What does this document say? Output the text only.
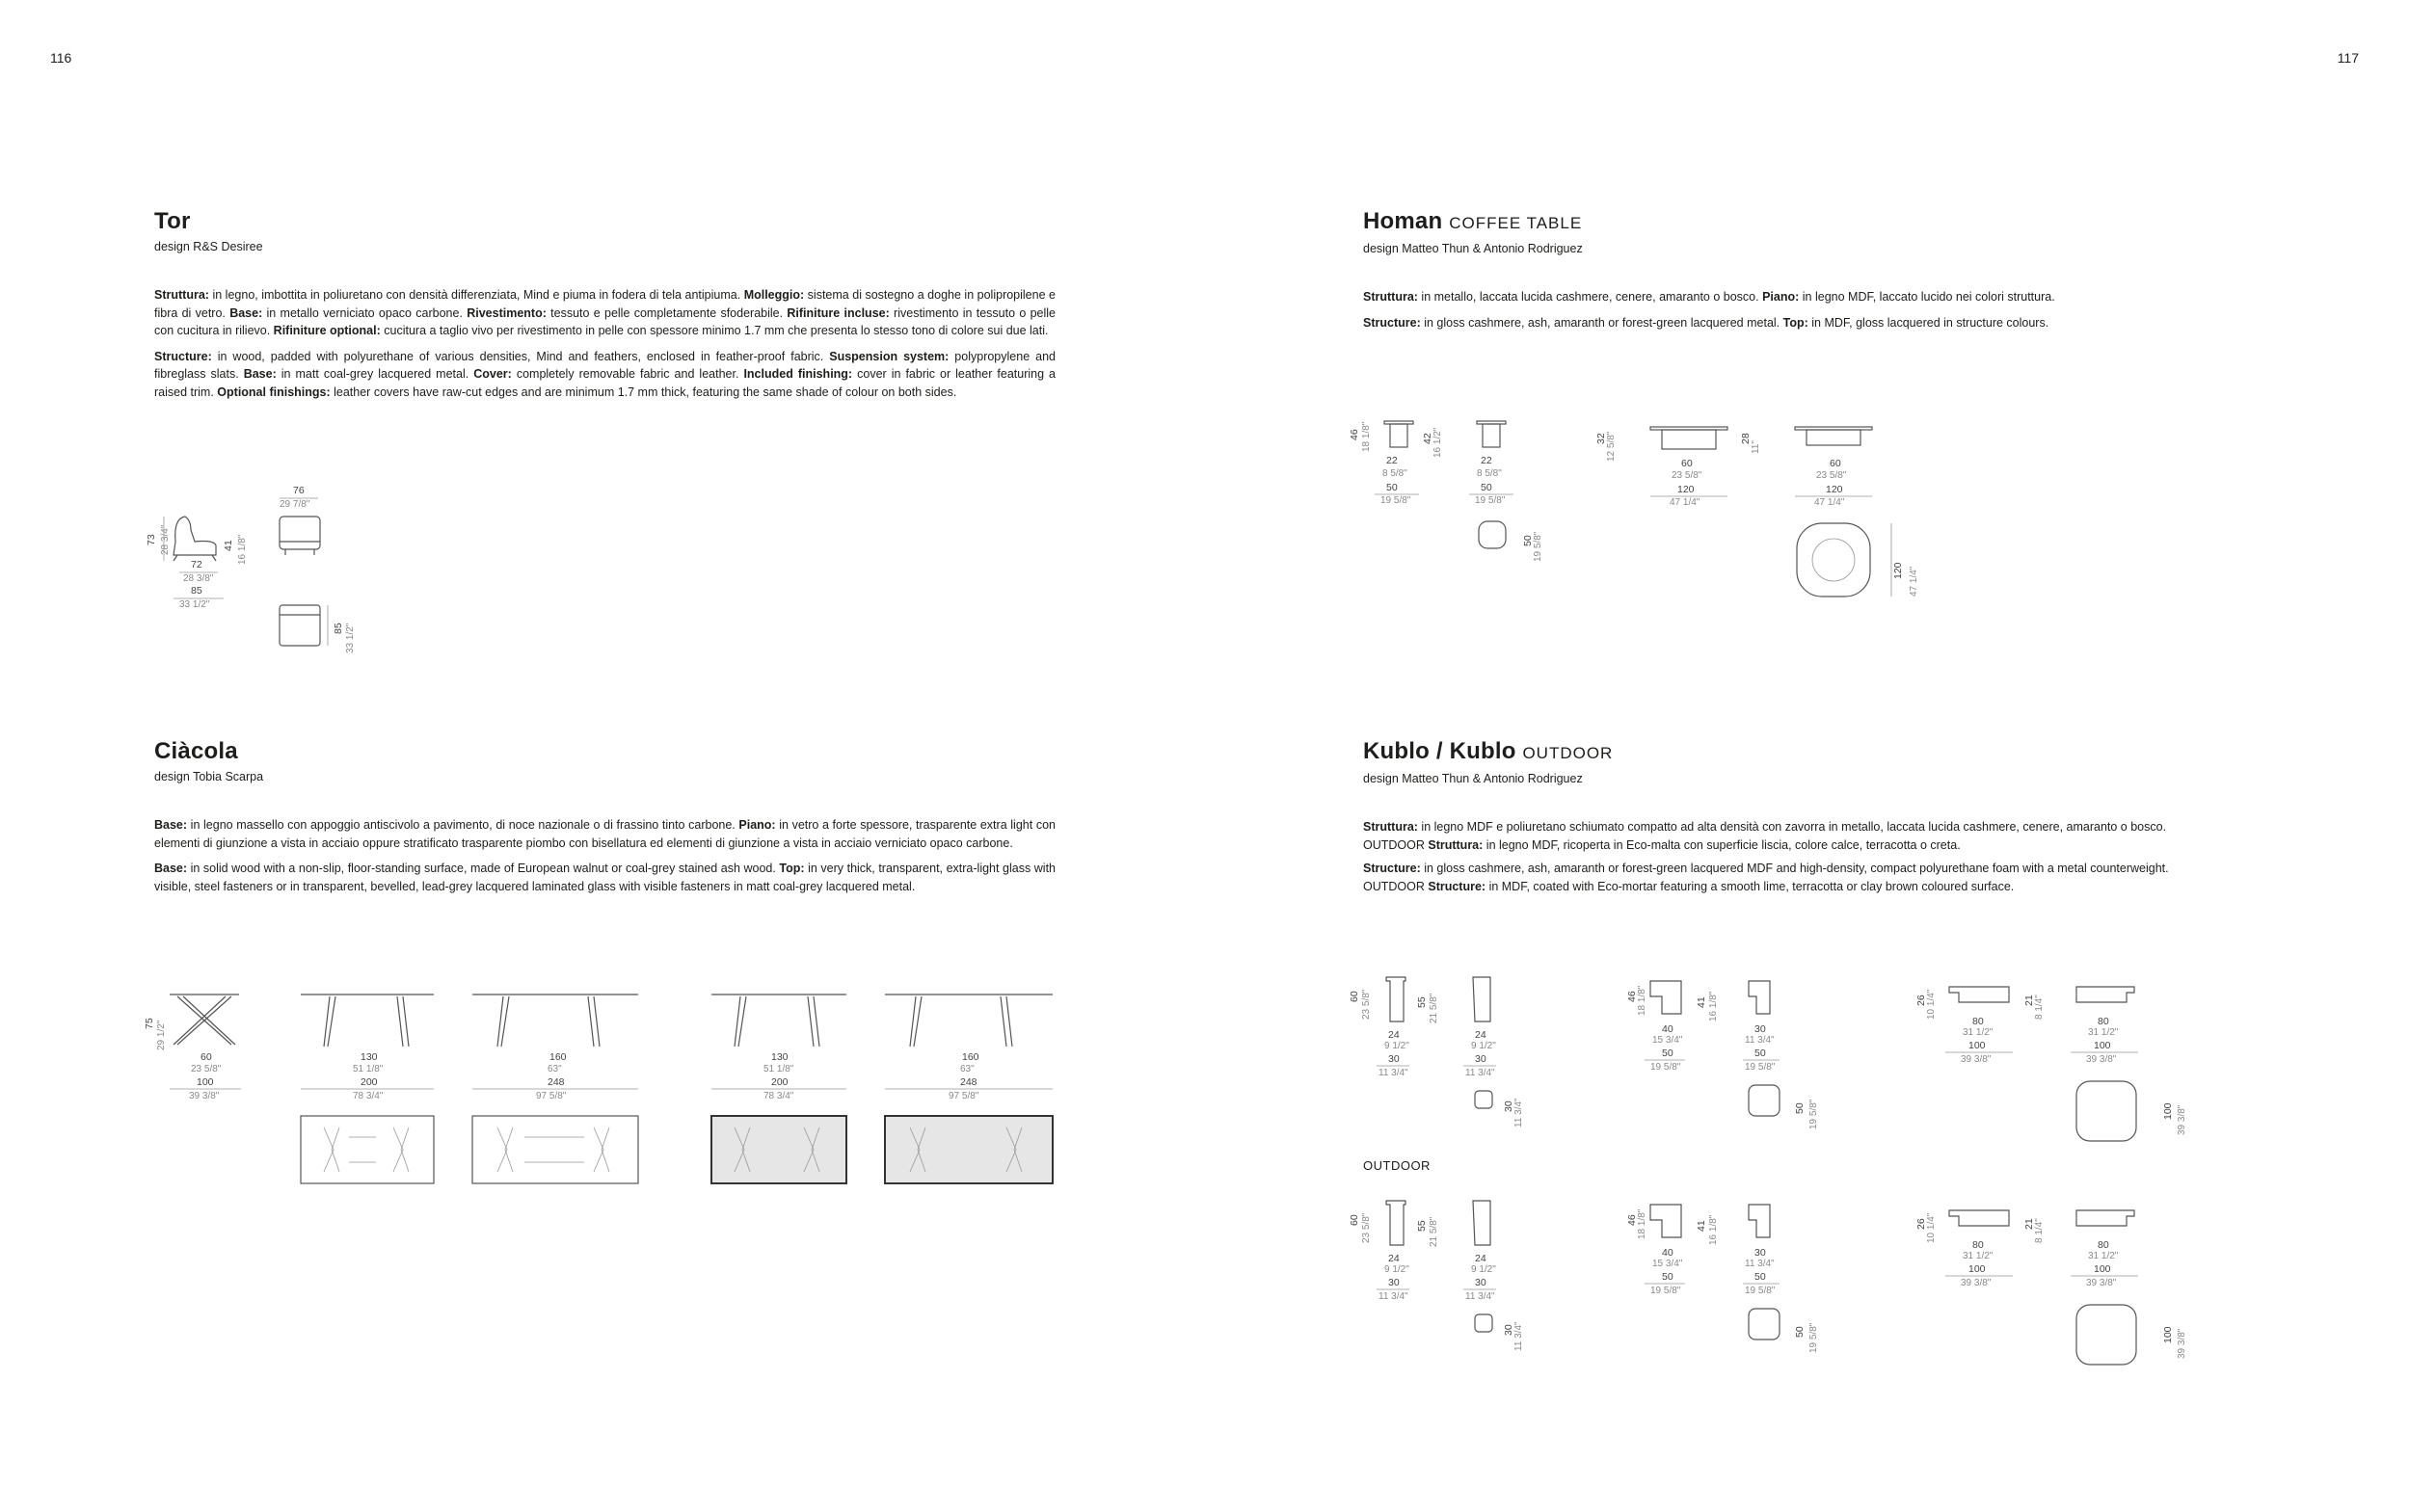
116	117
Tor
design R&S Desiree

Struttura: in legno, imbottita in poliuretano con densità differenziata, Mind e piuma in fodera di tela antipiuma. Molleggio: sistema di sostegno a doghe in polipropilene e fibra di vetro. Base: in metallo verniciato opaco carbone. Rivestimento: tessuto e pelle completamente sfoderabile. Rifiniture incluse: rivestimento in tessuto o pelle con cucitura in rilievo. Rifiniture optional: cucitura a taglio vivo per rivestimento in pelle con spessore minimo 1.7 mm che presenta lo stesso tono di colore sui due lati.

Structure: in wood, padded with polyurethane of various densities, Mind and feathers, enclosed in feather-proof fabric. Suspension system: polypropylene and fibreglass slats. Base: in matt coal-grey lacquered metal. Cover: completely removable fabric and leather. Included finishing: cover in fabric or leather featuring a raised trim. Optional finishings: leather covers have raw-cut edges and are minimum 1.7 mm thick, featuring the same shade of colour on both sides.

73 28 3/4"	41 16 1/8"
72
28 3/8"
85
33 1/2"
76
29 7/8"
85 33 1/2"
Homan COFFEE TABLE
design Matteo Thun & Antonio Rodriguez

Struttura: in metallo, laccata lucida cashmere, cenere, amaranto o bosco. Piano: in legno MDF, laccato lucido nei colori struttura.

Structure: in gloss cashmere, ash, amaranth or forest-green lacquered metal. Top: in MDF, gloss lacquered in structure colours.

46 18 1/8"
22
8 5/8"
50
19 5/8"
42 16 1/2"
22
8 5/8"
50
19 5/8"
50 19 5/8"
32 12 5/8"	28
11"
60
23 5/8"
120
47 1/4"
60
23 5/8"
120
47 1/4"
120 47 1/4"
Ciàcola
design Tobia Scarpa

Base: in legno massello con appoggio antiscivolo a pavimento, di noce nazionale o di frassino tinto carbone. Piano: in vetro a forte spessore, trasparente extra light con elementi di giunzione a vista in acciaio oppure stratificato trasparente piombo con bisellatura ed elementi di giunzione a vista in acciaio verniciato opaco carbone.

Base: in solid wood with a non-slip, floor-standing surface, made of European walnut or coal-grey stained ash wood. Top: in very thick, transparent, extra-light glass with visible, steel fasteners or in transparent, bevelled, lead-grey lacquered laminated glass with visible fasteners in matt coal-grey lacquered metal.

75 29 1/2"
60
23 5/8"
100
39 3/8"
130
51 1/8"
200
78 3/4"
160
63"
248
97 5/8"
130
51 1/8"
200
78 3/4"
160
63"
248
97 5/8"
Kublo / Kublo OUTDOOR
design Matteo Thun & Antonio Rodriguez

Struttura: in legno MDF e poliuretano schiumato compatto ad alta densità con zavorra in metallo, laccata lucida cashmere, cenere, amaranto o bosco.

OUTDOOR Struttura: in legno MDF, ricoperta in Eco-malta con superficie liscia, colore calce, terracotta o creta.

Structure: in gloss cashmere, ash, amaranth or forest-green lacquered MDF and high-density, compact polyurethane foam with a metal counterweight.

OUTDOOR Structure: in MDF, coated with Eco-mortar featuring a smooth lime, terracotta or clay brown coloured surface.

OUTDOOR
60 23 5/8"	55 21 5/8"
24
9 1/2"
30
11 3/4"
24
9 1/2"
30
11 3/4"
30 11 3/4"
46 18 1/8"	41 16 1/8"
40
15 3/4"
50
19 5/8"
30
11 3/4"
50
19 5/8"
50 19 5/8"
26 10 1/4"	21 8 1/4"
80
31 1/2"
100
39 3/8"
80
31 1/2"
100
39 3/8"
100 39 3/8"
60 23 5/8"	55 21 5/8"
24
9 1/2"
30
11 3/4"
24
9 1/2"
30
11 3/4"
30 11 3/4"
46 18 1/8"	41 16 1/8"
40
15 3/4"
50
19 5/8"
30
11 3/4"
50
19 5/8"
50 19 5/8"
26 10 1/4"	21 8 1/4"
80
31 1/2"
100
39 3/8"
80
31 1/2"
100
39 3/8"
100 39 3/8"
